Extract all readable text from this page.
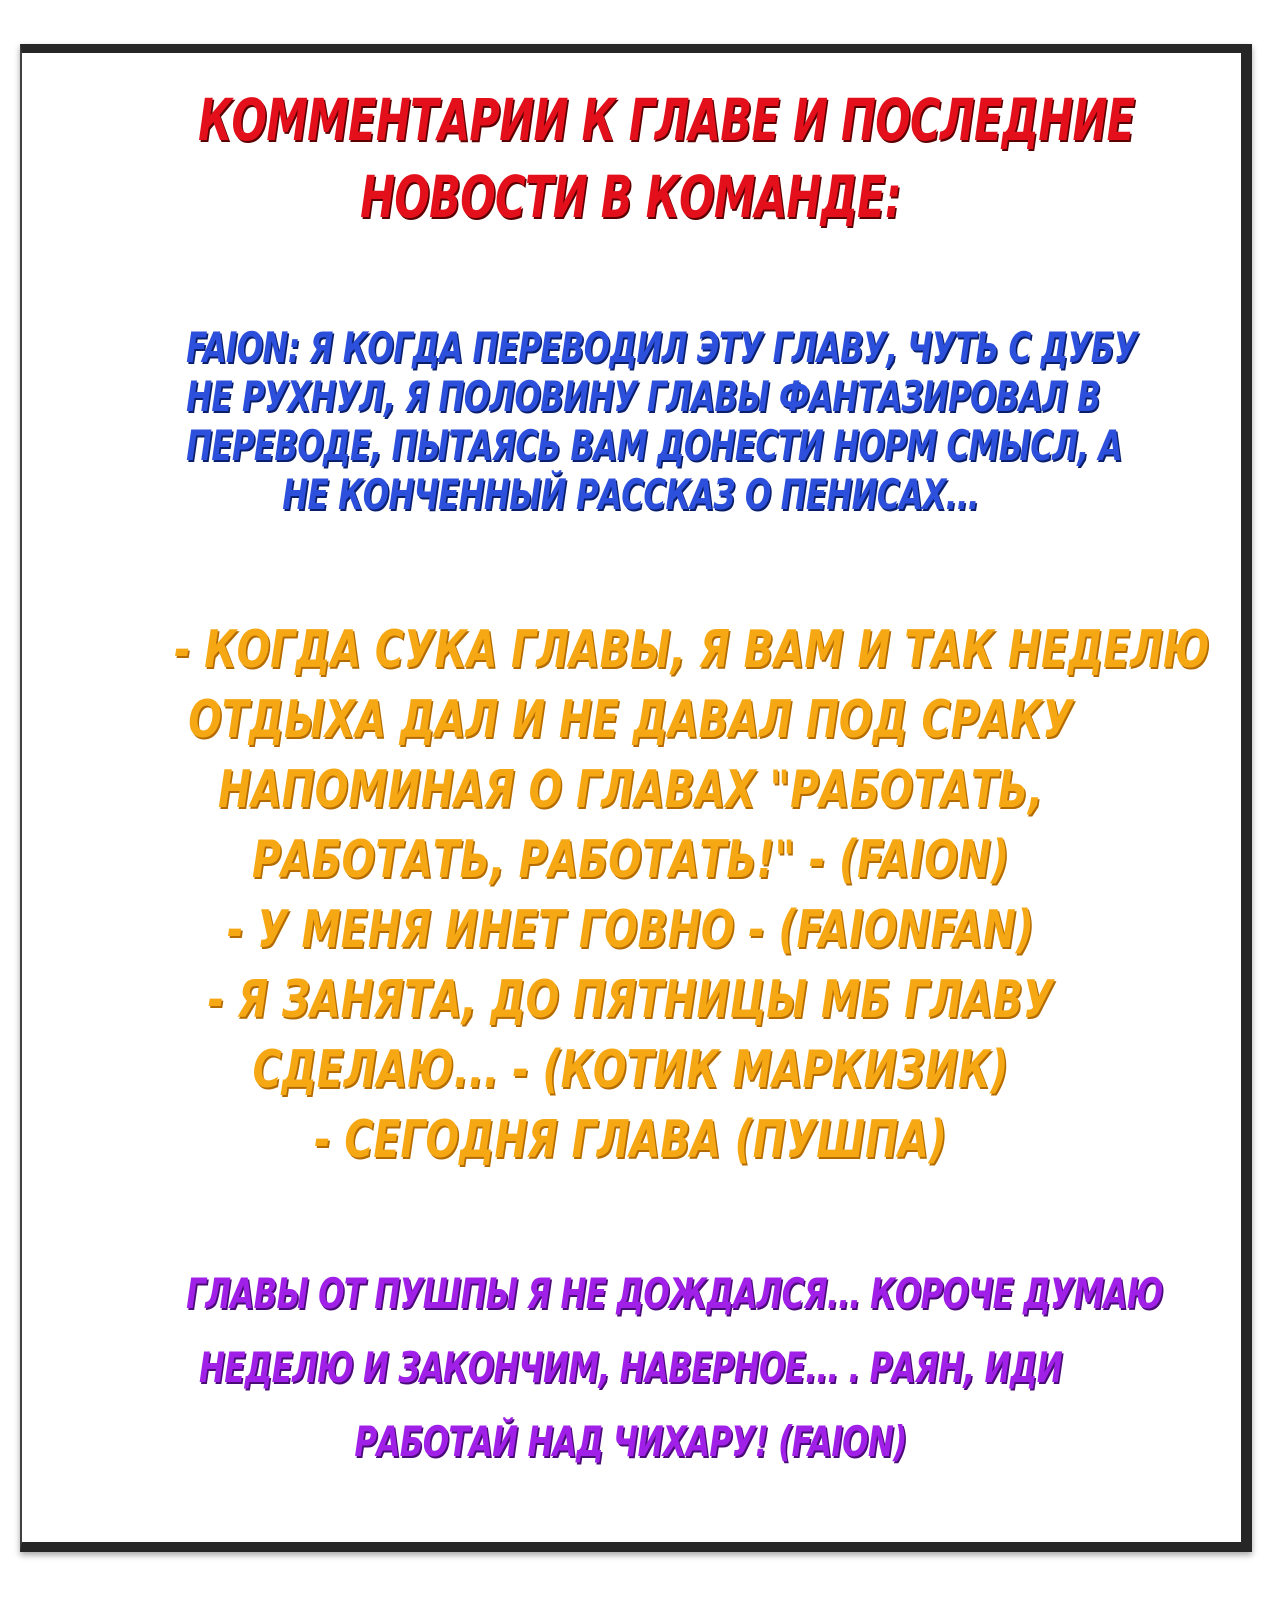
КОММЕНТАРИИ К ГЛАВЕ И ПОСЛЕДНИЕ
НОВОСТИ В КОМАНДЕ:
FAION: Я КОГДА ПЕРЕВОДИЛ ЭТУ ГЛАВУ, ЧУТЬ С ДУБУ
НЕ РУХНУЛ, Я ПОЛОВИНУ ГЛАВЫ ФАНТАЗИРОВАЛ В
ПЕРЕВОДЕ, ПЫТАЯСЬ ВАМ ДОНЕСТИ НОРМ СМЫСЛ, А
НЕ КОНЧЕННЫЙ РАССКАЗ О ПЕНИСАХ...
- КОГДА СУКА ГЛАВЫ, Я ВАМ И ТАК НЕДЕЛЮ
ОТДЫХА ДАЛ И НЕ ДАВАЛ ПОД СРАКУ
НАПОМИНАЯ О ГЛАВАХ "РАБОТАТЬ,
РАБОТАТЬ, РАБОТАТЬ!" - (FAION)
- У МЕНЯ ИНЕТ ГОВНО - (FAIONFAN)
- Я ЗАНЯТА, ДО ПЯТНИЦЫ МБ ГЛАВУ
СДЕЛАЮ... - (КОТИК МАРКИЗИК)
- СЕГОДНЯ ГЛАВА (ПУШПА)
ГЛАВЫ ОТ ПУШПЫ Я НЕ ДОЖДАЛСЯ... КОРОЧЕ ДУМАЮ
НЕДЕЛЮ И ЗАКОНЧИМ, НАВЕРНОЕ... . РАЯН, ИДИ
РАБОТАЙ НАД ЧИХАРУ! (FAION)
